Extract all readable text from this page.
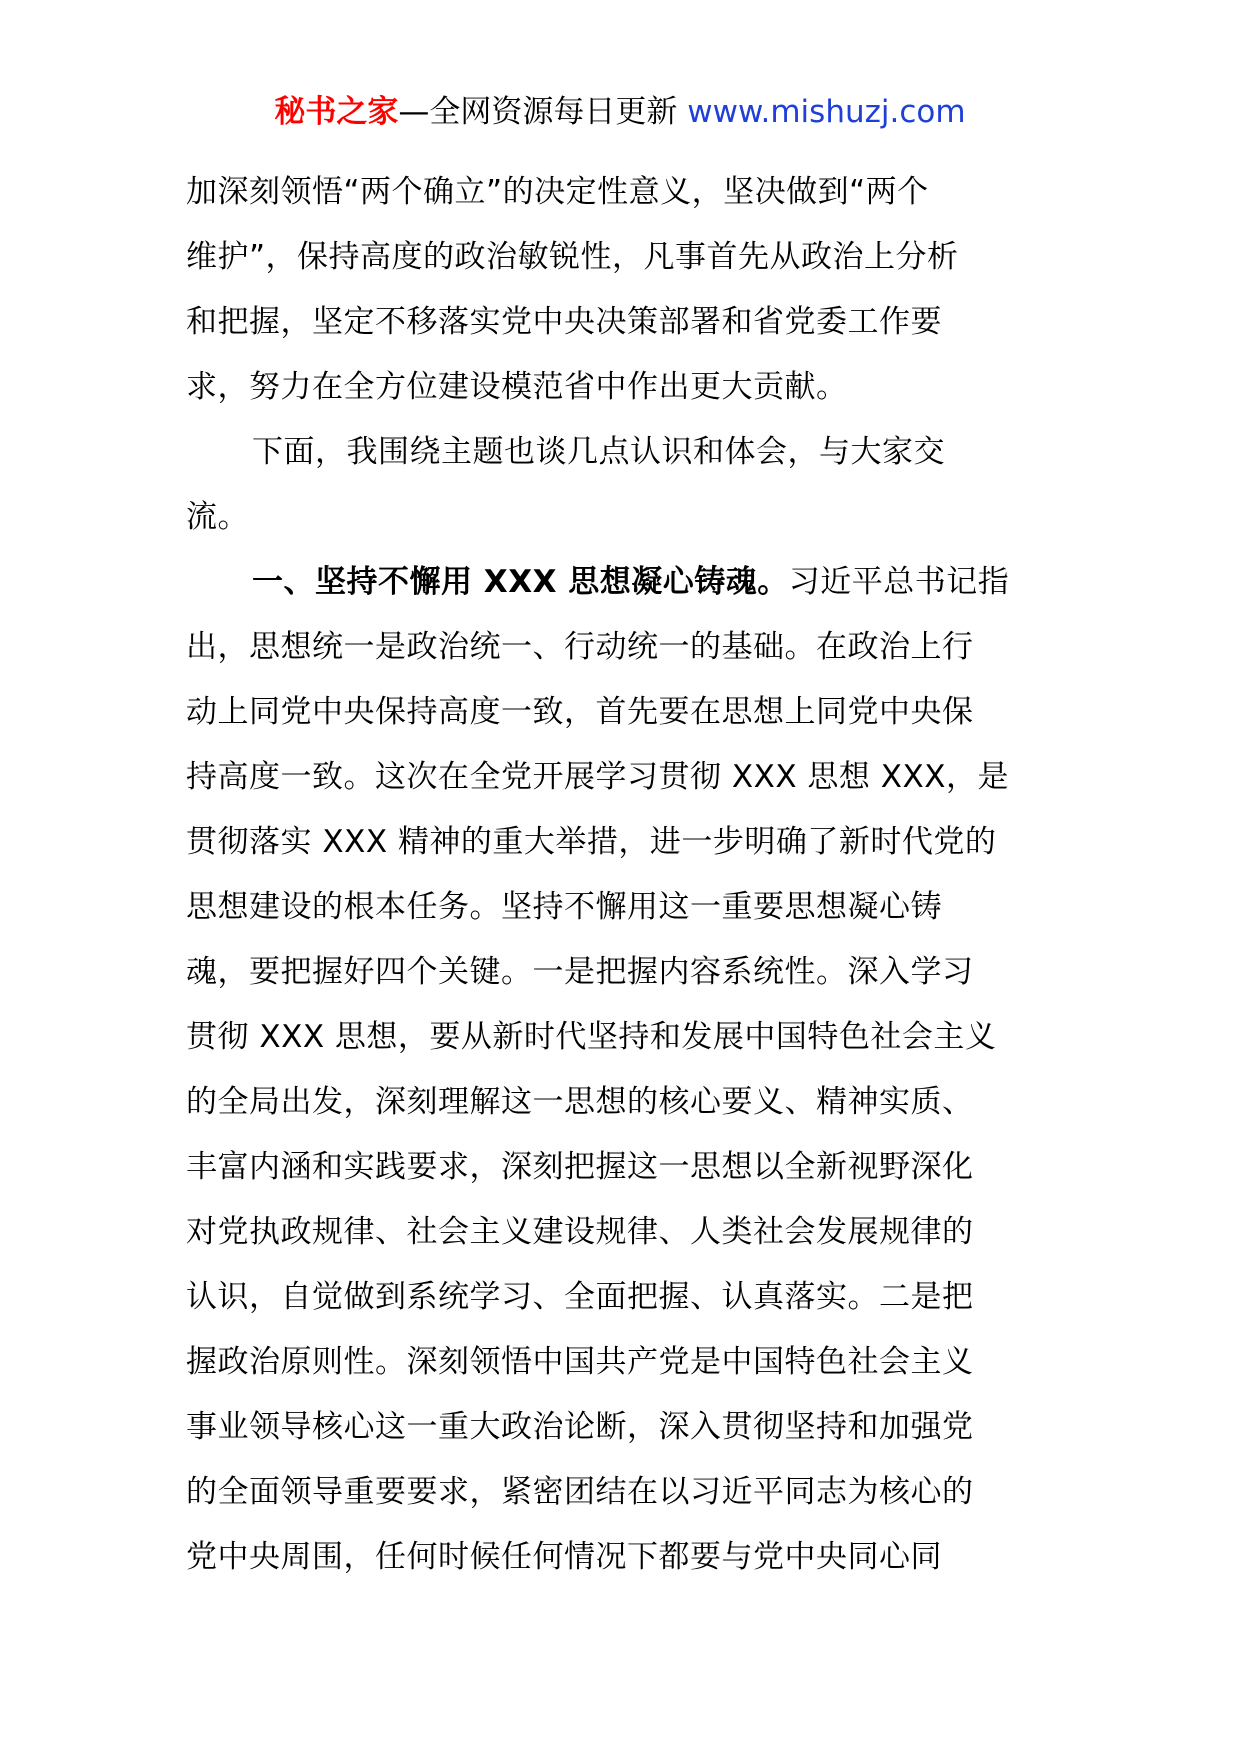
秘书之家—全网资源每日更新 www.mishuzj.com
加深刻领悟“两个确立”的决定性意义，坚决做到“两个
维护”，保持高度的政治敏锐性，凡事首先从政治上分析
和把握，坚定不移落实党中央决策部署和省党委工作要
求，努力在全方位建设模范省中作出更大贡献。
下面，我围绕主题也谈几点认识和体会，与大家交
流。
一、坚持不懈用 XXX 思想凝心铸魂。习近平总书记指
出，思想统一是政治统一、行动统一的基础。在政治上行
动上同党中央保持高度一致，首先要在思想上同党中央保
持高度一致。这次在全党开展学习贯彻 XXX 思想 XXX，是
贯彻落实 XXX 精神的重大举措，进一步明确了新时代党的
思想建设的根本任务。坚持不懈用这一重要思想凝心铸
魂，要把握好四个关键。一是把握内容系统性。深入学习
贯彻 XXX 思想，要从新时代坚持和发展中国特色社会主义
的全局出发，深刻理解这一思想的核心要义、精神实质、
丰富内涵和实践要求，深刻把握这一思想以全新视野深化
对党执政规律、社会主义建设规律、人类社会发展规律的
认识，自觉做到系统学习、全面把握、认真落实。二是把
握政治原则性。深刻领悟中国共产党是中国特色社会主义
事业领导核心这一重大政治论断，深入贯彻坚持和加强党
的全面领导重要要求，紧密团结在以习近平同志为核心的
党中央周围，任何时候任何情况下都要与党中央同心同
